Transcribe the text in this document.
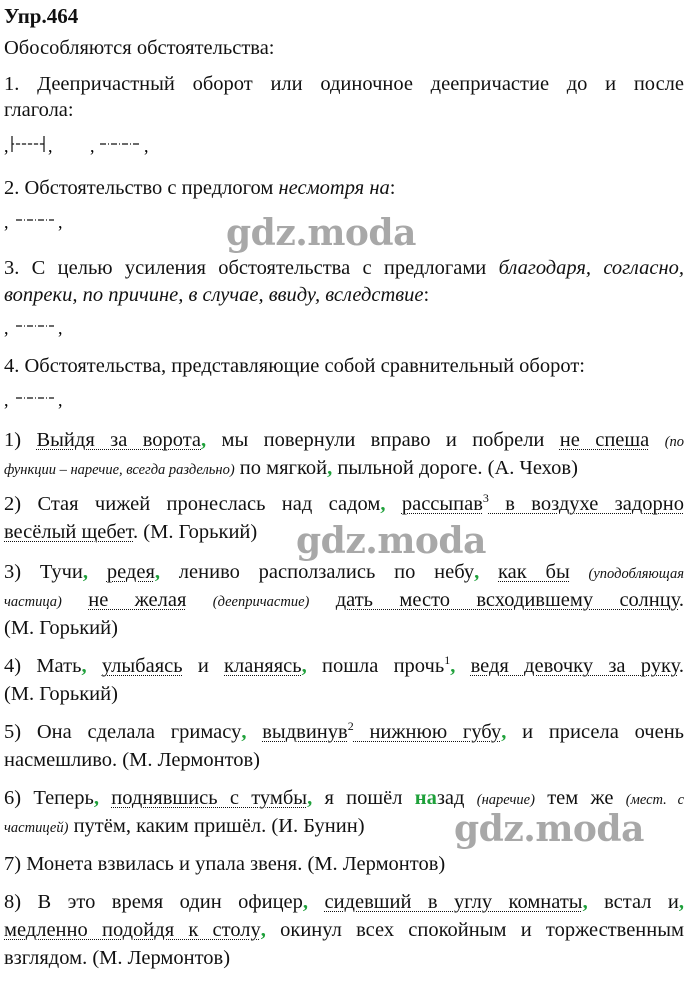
Упр.464
Обособляются обстоятельства:
1. Деепричастный оборот или одиночное деепричастие до и после
глагола:
, , ,	,
2. Обстоятельство с предлогом несмотря на:
,	,	gdz.moda
3. С целью усиления обстоятельства с предлогами благодаря, согласно,
вопреки, по причине, в случае, ввиду, вследствие:
,	,
4. Обстоятельства, представляющие собой сравнительный оборот:
,	,
1) Выйдя за ворота, мы повернули вправо и побрели не спеша (по
функции – наречие, всегда раздельно) по мягкой, пыльной дороге. (А. Чехов)
2) Стая чижей пронеслась над садом, рассыпав$^3$ в воздухе задорно
весёлый щебет. (М. Горький) gdz.moda
3) Тучи, редея, лениво расползались по небу, как бы (уподобляющая
частица) не желая (деепричастие) дать место всходившему солнцу.
(М. Горький)
4) Мать, улыбаясь и кланяясь, пошла прочь$^1$, ведя девочку за руку.
(М. Горький)
5) Она сделала гримасу, выдвинув$^2$ нижнюю губу, и присела очень
насмешливо. (М. Лермонтов)
6) Теперь, поднявшись с тумбы, я пошёл назад (наречие) тем же (мест. с
частицей) путём, каким пришёл. (И. Бунин) gdz.moda
7) Монета взвилась и упала звеня. (М. Лермонтов)
8) В это время один офицер, сидевший в углу комнаты, встал и,
медленно подойдя к столу, окинул всех спокойным и торжественным
взглядом. (М. Лермонтов)
